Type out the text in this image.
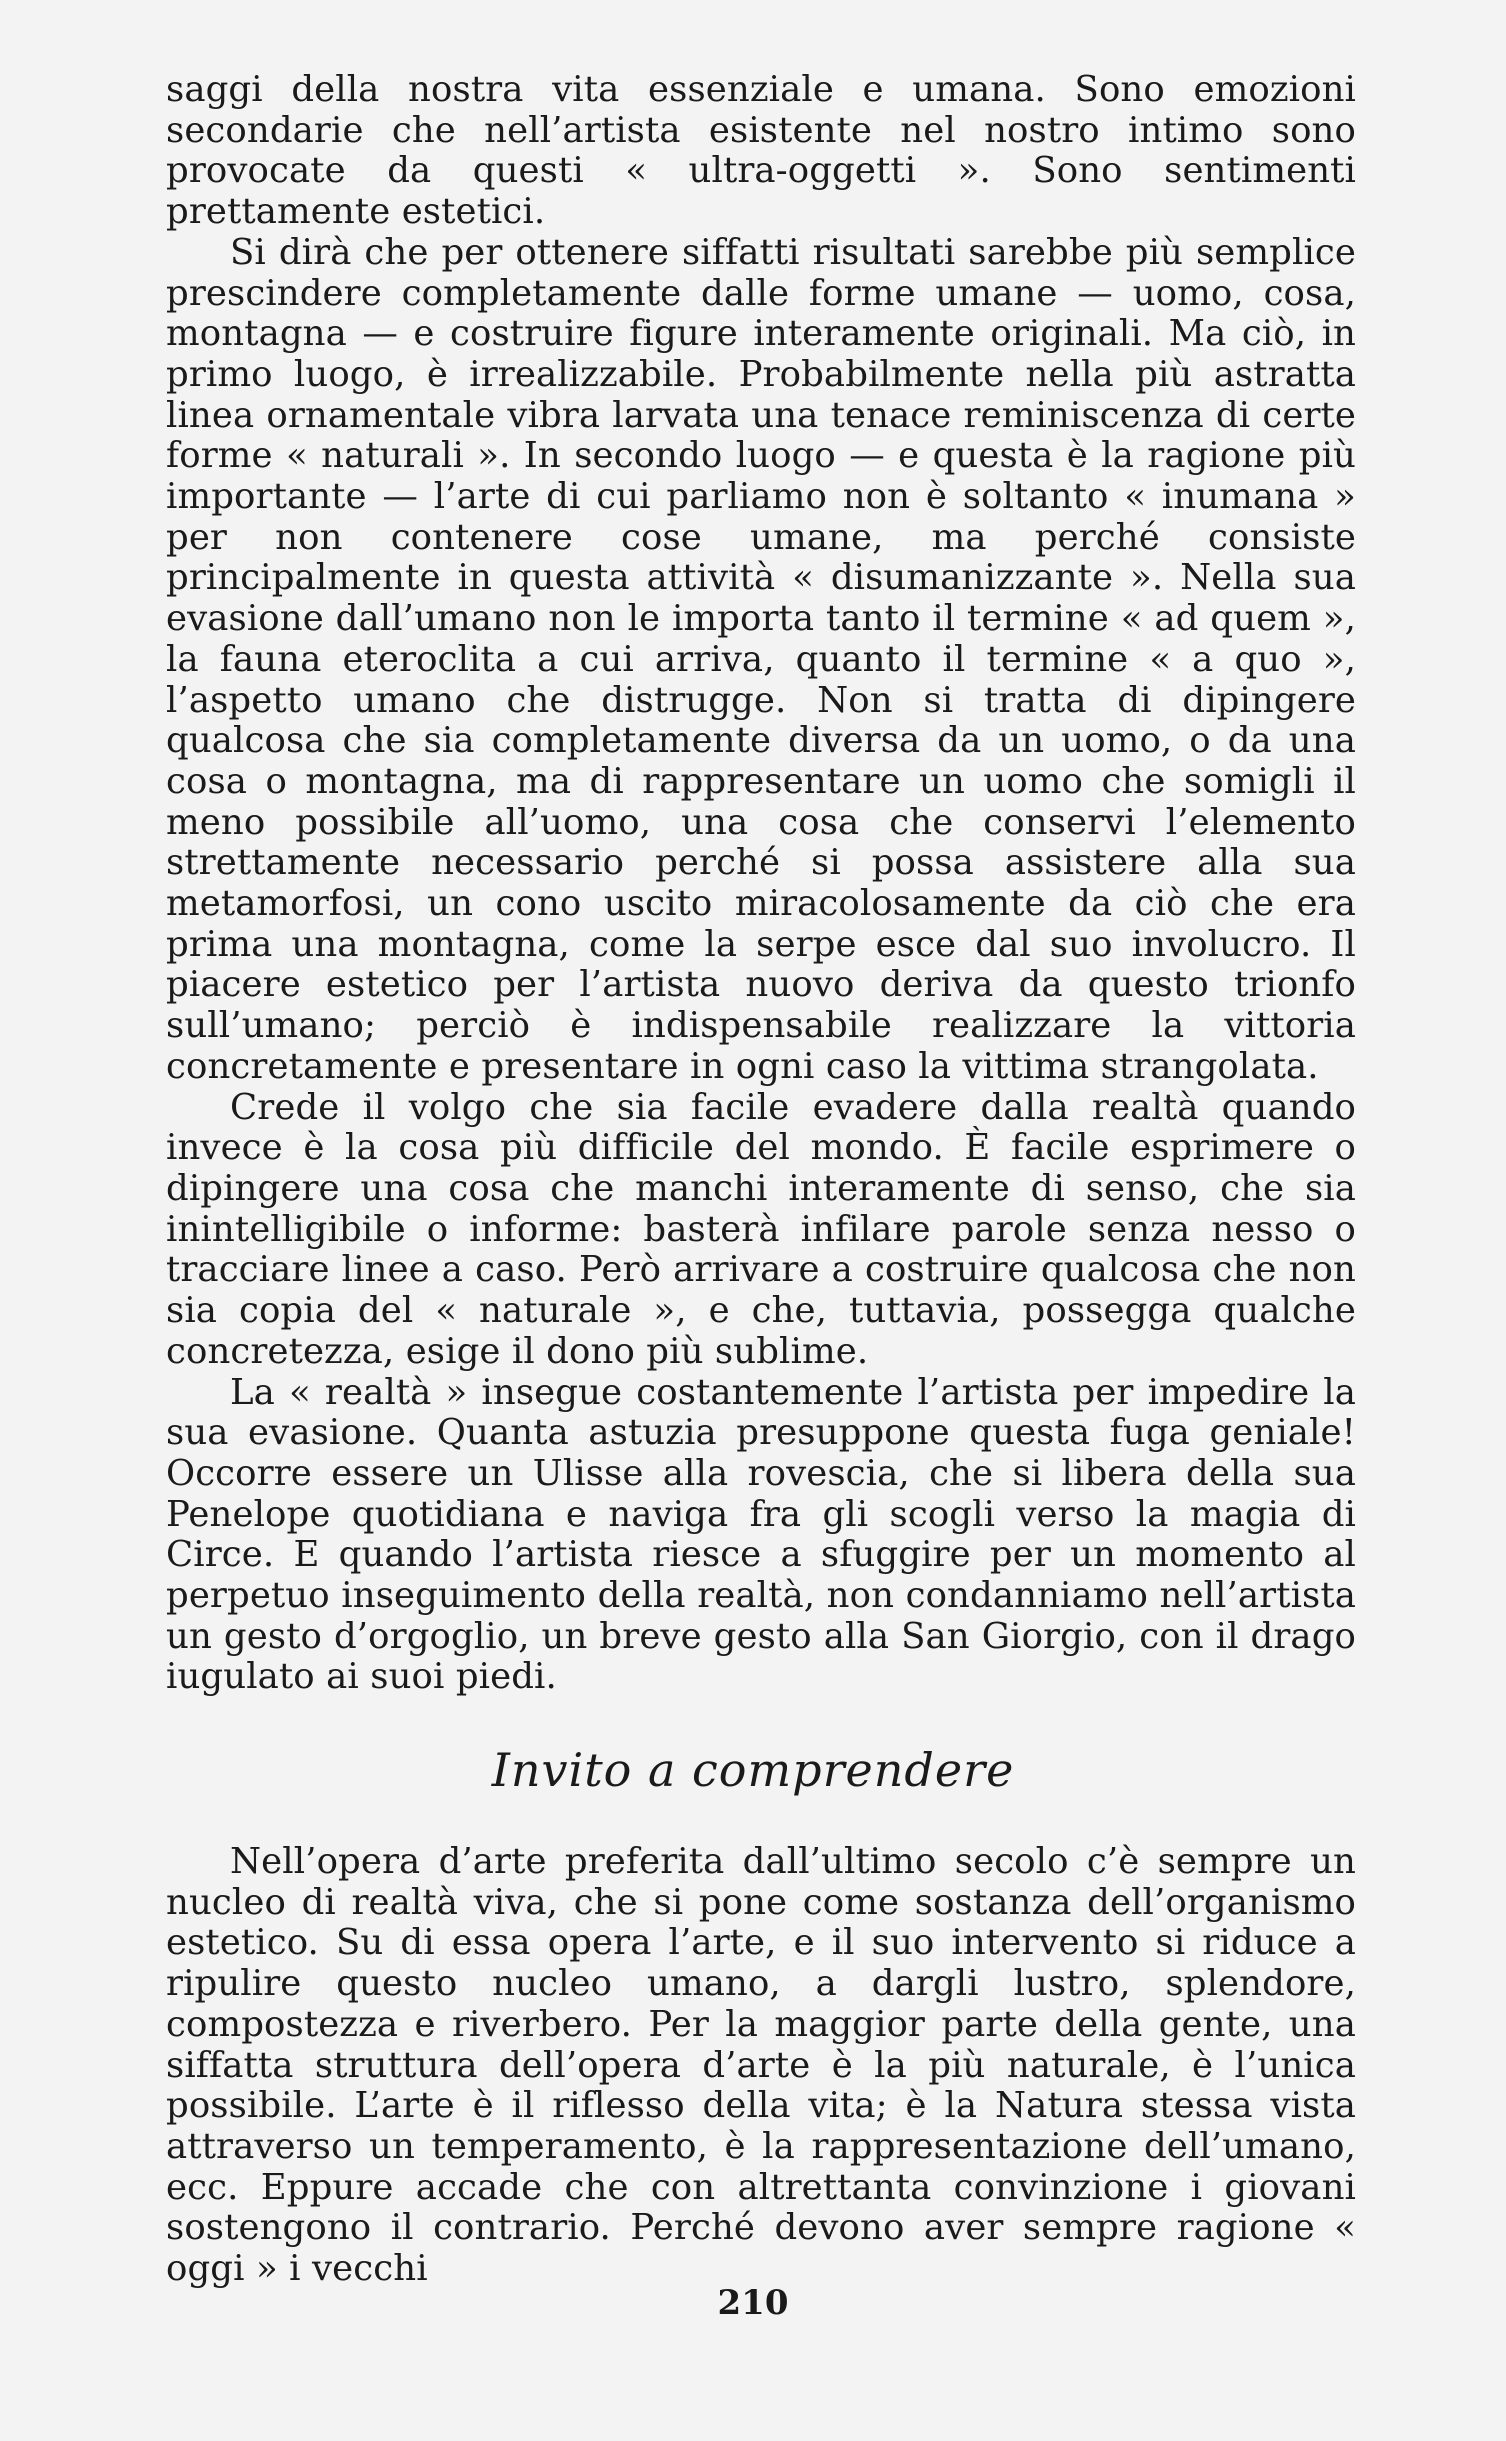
saggi della nostra vita essenziale e umana. Sono emozioni secondarie che nell’artista esistente nel nostro intimo sono provocate da questi « ultra-oggetti ». Sono sentimenti prettamente estetici.

Si dirà che per ottenere siffatti risultati sarebbe più semplice prescindere completamente dalle forme umane — uomo, cosa, montagna — e costruire figure interamente originali. Ma ciò, in primo luogo, è irrealizzabile. Probabilmente nella più astratta linea ornamentale vibra larvata una tenace reminiscenza di certe forme « naturali ». In secondo luogo — e questa è la ragione più importante — l’arte di cui parliamo non è soltanto « inumana » per non contenere cose umane, ma perché consiste principalmente in questa attività « disumanizzante ». Nella sua evasione dall’umano non le importa tanto il termine « ad quem », la fauna eteroclita a cui arriva, quanto il termine « a quo », l’aspetto umano che distrugge. Non si tratta di dipingere qualcosa che sia completamente diversa da un uomo, o da una cosa o montagna, ma di rappresentare un uomo che somigli il meno possibile all’uomo, una cosa che conservi l’elemento strettamente necessario perché si possa assistere alla sua metamorfosi, un cono uscito miracolosamente da ciò che era prima una montagna, come la serpe esce dal suo involucro. Il piacere estetico per l’artista nuovo deriva da questo trionfo sull’umano; perciò è indispensabile realizzare la vittoria concretamente e presentare in ogni caso la vittima strangolata.

Crede il volgo che sia facile evadere dalla realtà quando invece è la cosa più difficile del mondo. È facile esprimere o dipingere una cosa che manchi interamente di senso, che sia inintelligibile o informe: basterà infilare parole senza nesso o tracciare linee a caso. Però arrivare a costruire qualcosa che non sia copia del « naturale », e che, tuttavia, possegga qualche concretezza, esige il dono più sublime.

La « realtà » insegue costantemente l’artista per impedire la sua evasione. Quanta astuzia presuppone questa fuga geniale! Occorre essere un Ulisse alla rovescia, che si libera della sua Penelope quotidiana e naviga fra gli scogli verso la magia di Circe. E quando l’artista riesce a sfuggire per un momento al perpetuo inseguimento della realtà, non condanniamo nell’artista un gesto d’orgoglio, un breve gesto alla San Giorgio, con il drago iugulato ai suoi piedi.

Invito a comprendere

Nell’opera d’arte preferita dall’ultimo secolo c’è sempre un nucleo di realtà viva, che si pone come sostanza dell’organismo estetico. Su di essa opera l’arte, e il suo intervento si riduce a ripulire questo nucleo umano, a dargli lustro, splendore, compostezza e riverbero. Per la maggior parte della gente, una siffatta struttura dell’opera d’arte è la più naturale, è l’unica possibile. L’arte è il riflesso della vita; è la Natura stessa vista attraverso un temperamento, è la rappresentazione dell’umano, ecc. Eppure accade che con altrettanta convinzione i giovani sostengono il contrario. Perché devono aver sempre ragione « oggi » i vecchi

210
